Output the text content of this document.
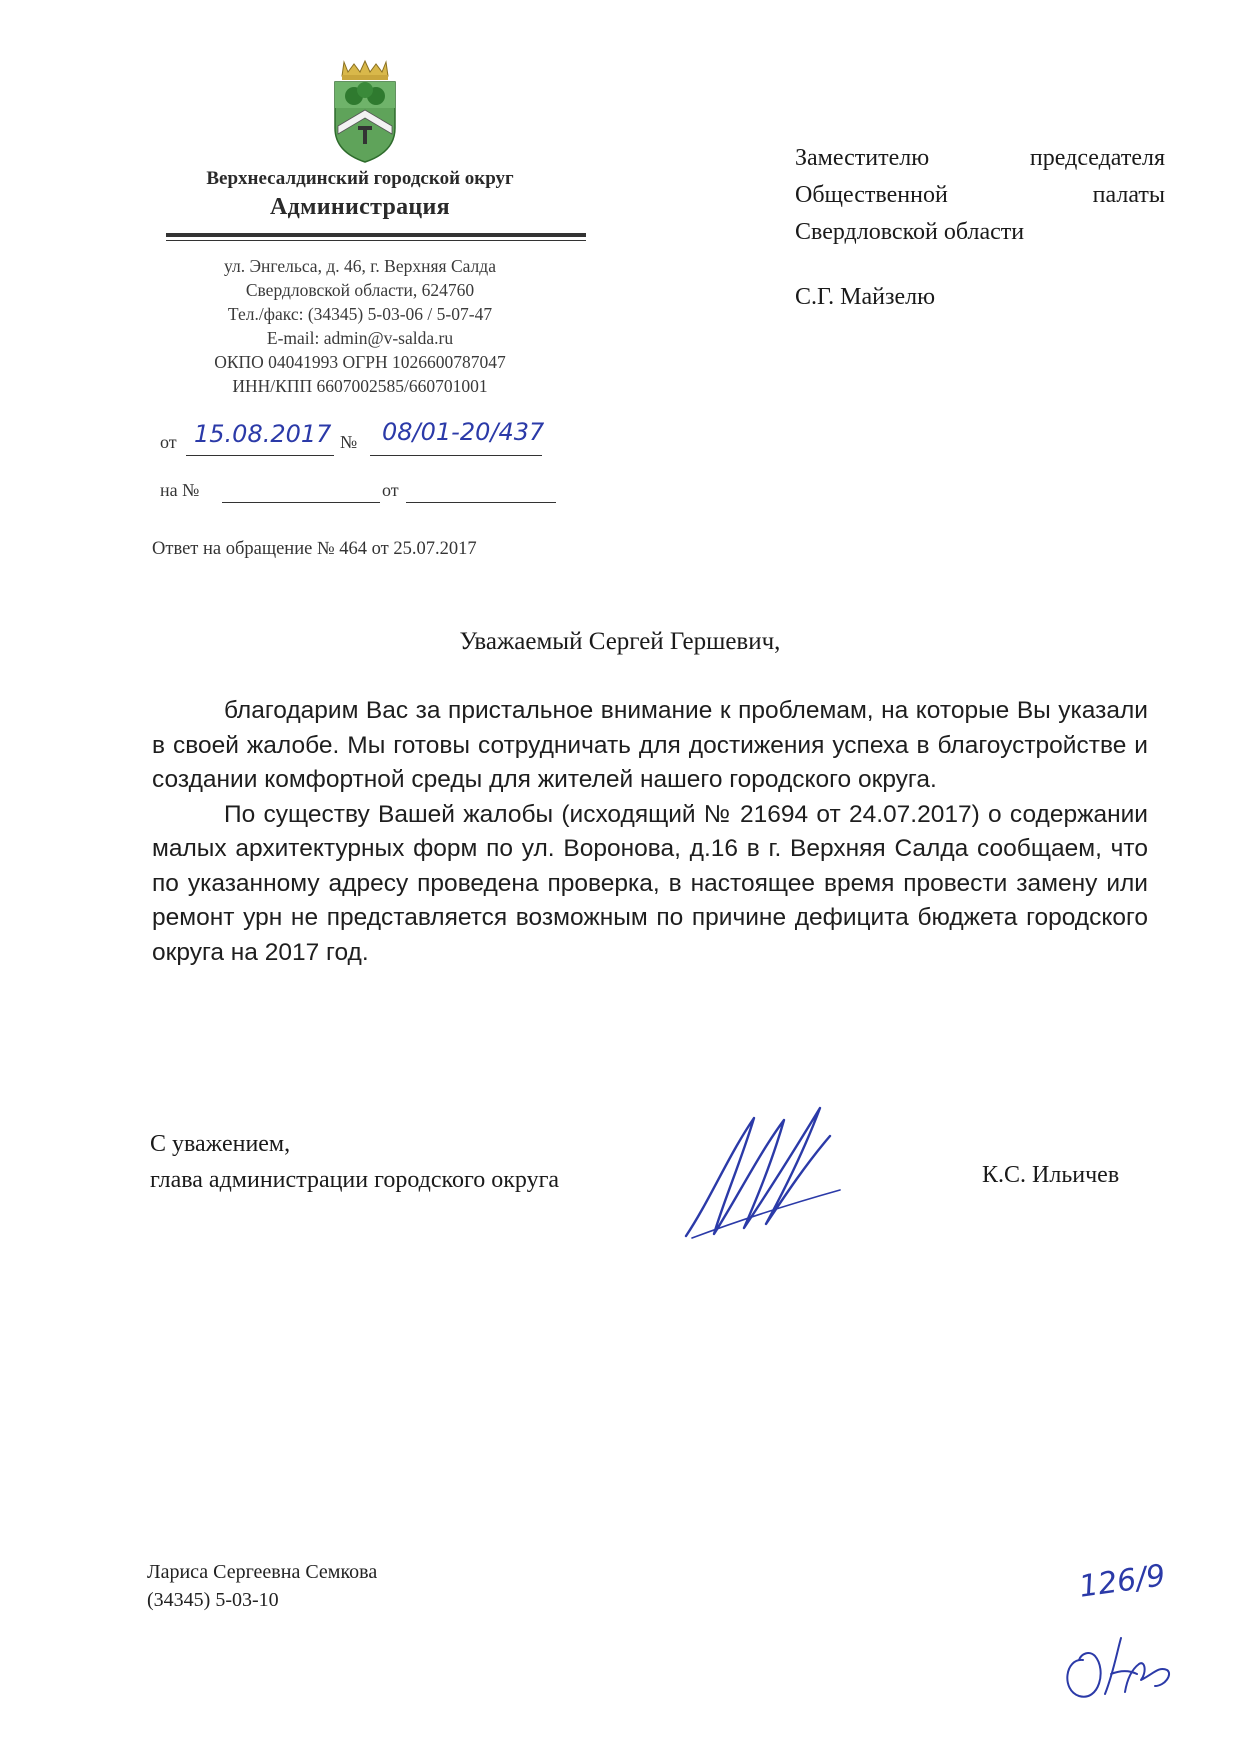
Верхнесалдинский городской округ
Администрация
ул. Энгельса, д. 46, г. Верхняя Салда
Свердловской области, 624760
Тел./факс: (34345) 5-03-06 / 5-07-47
E-mail: admin@v-salda.ru
ОКПО 04041993 ОГРН 1026600787047
ИНН/КПП 6607002585/660701001
Заместителю председателя
Общественной палаты
Свердловской области
С.Г. Майзелю
от 15.08.2017 № 08/01-20/437
на №	от
Ответ на обращение № 464 от 25.07.2017
Уважаемый Сергей Гершевич,

благодарим Вас за пристальное внимание к проблемам, на которые Вы указали в своей жалобе. Мы готовы сотрудничать для достижения успеха в благоустройстве и создании комфортной среды для жителей нашего городского округа.

По существу Вашей жалобы (исходящий № 21694 от 24.07.2017) о содержании малых архитектурных форм по ул. Воронова, д.16 в г. Верхняя Салда сообщаем, что по указанному адресу проведена проверка, в настоящее время провести замену или ремонт урн не представляется возможным по причине дефицита бюджета городского округа на 2017 год.

С уважением,
глава администрации городского округа	К.С. Ильичев
Лариса Сергеевна Семкова
(34345) 5-03-10	126/9
